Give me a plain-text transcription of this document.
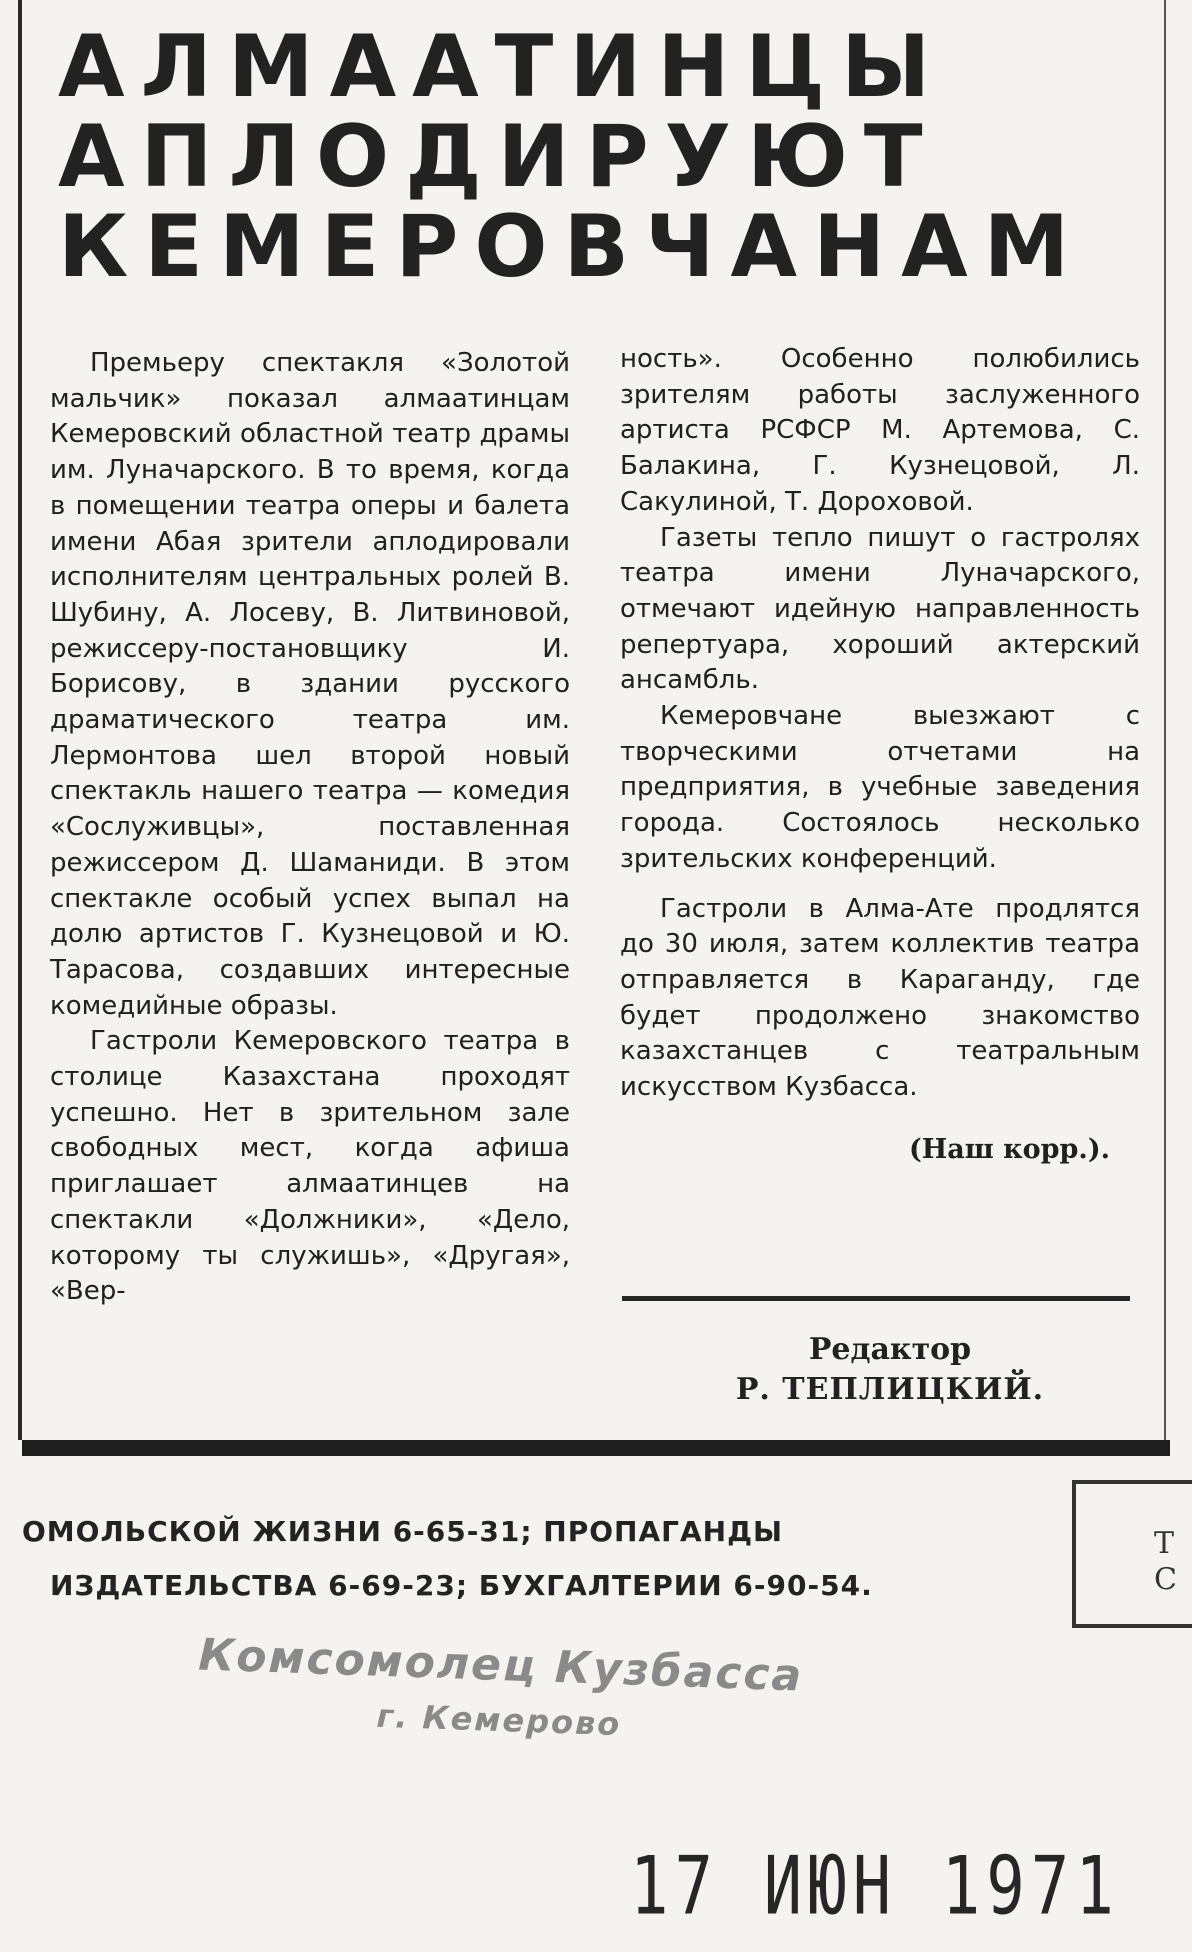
АЛМААТИНЦЫ
АПЛОДИРУЮТ
КЕМЕРОВЧАНАМ

Премьеру спектакля «Золотой мальчик» показал алмаатинцам Кемеровский областной театр драмы им. Луначарского. В то время, когда в помещении театра оперы и балета имени Абая зрители аплодировали исполнителям центральных ролей В. Шубину, А. Лосеву, В. Литвиновой, режиссеру-постановщику И. Борисову, в здании русского драматического театра им. Лермонтова шел второй новый спектакль нашего театра — комедия «Сослуживцы», поставленная режиссером Д. Шаманиди. В этом спектакле особый успех выпал на долю артистов Г. Кузнецовой и Ю. Тарасова, создавших интересные комедийные образы.

Гастроли Кемеровского театра в столице Казахстана проходят успешно. Нет в зрительном зале свободных мест, когда афиша приглашает алмаатинцев на спектакли «Должники», «Дело, которому ты служишь», «Другая», «Вер-

ность». Особенно полюбились зрителям работы заслуженного артиста РСФСР М. Артемова, С. Балакина, Г. Кузнецовой, Л. Сакулиной, Т. Дороховой.

Газеты тепло пишут о гастролях театра имени Луначарского, отмечают идейную направленность репертуара, хороший актерский ансамбль.

Кемеровчане выезжают с творческими отчетами на предприятия, в учебные заведения города. Состоялось несколько зрительских конференций.

Гастроли в Алма-Ате продлятся до 30 июля, затем коллектив театра отправляется в Караганду, где будет продолжено знакомство казахстанцев с театральным искусством Кузбасса.

(Наш корр.).
Редактор
Р. ТЕПЛИЦКИЙ.
ОМОЛЬСКОЙ ЖИЗНИ 6-65-31; ПРОПАГАНДЫ
ИЗДАТЕЛЬСТВА 6-69-23; БУХГАЛТЕРИИ 6-90-54.
Т
С
Комсомолец Кузбасса
г. Кемерово
17 ИЮН 1971
